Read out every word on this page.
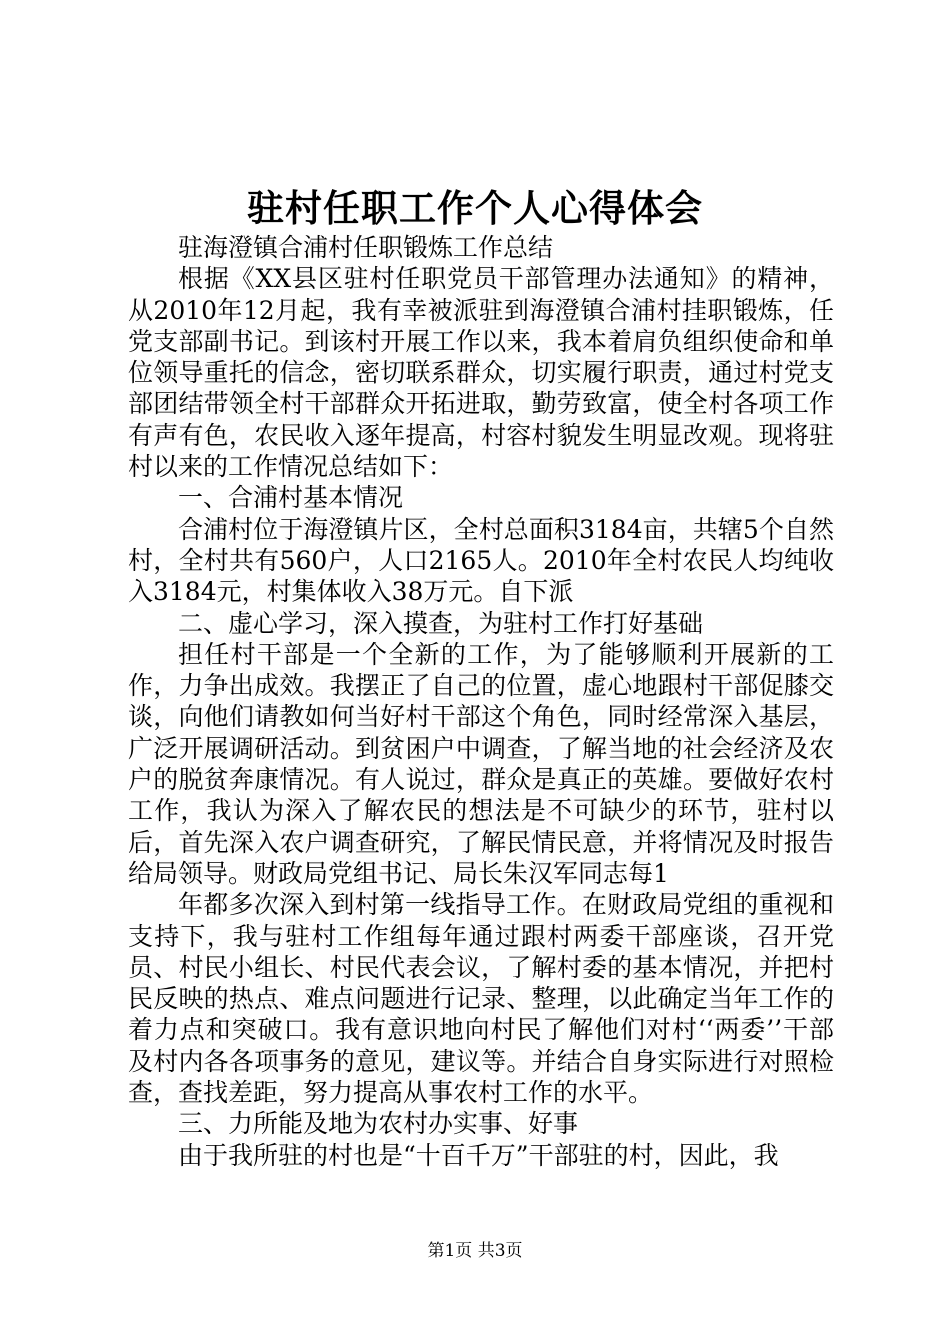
驻村任职工作个人心得体会

驻海澄镇合浦村任职锻炼工作总结

根据《XX县区驻村任职党员干部管理办法通知》的精神，从2010年12月起，我有幸被派驻到海澄镇合浦村挂职锻炼，任党支部副书记。到该村开展工作以来，我本着肩负组织使命和单位领导重托的信念，密切联系群众，切实履行职责，通过村党支部团结带领全村干部群众开拓进取，勤劳致富，使全村各项工作有声有色，农民收入逐年提高，村容村貌发生明显改观。现将驻村以来的工作情况总结如下：

一、合浦村基本情况

合浦村位于海澄镇片区，全村总面积3184亩，共辖5个自然村，全村共有560户，人口2165人。2010年全村农民人均纯收入3184元，村集体收入38万元。自下派

二、虚心学习，深入摸查，为驻村工作打好基础

担任村干部是一个全新的工作，为了能够顺利开展新的工作，力争出成效。我摆正了自己的位置，虚心地跟村干部促膝交谈，向他们请教如何当好村干部这个角色，同时经常深入基层，广泛开展调研活动。到贫困户中调查，了解当地的社会经济及农户的脱贫奔康情况。有人说过，群众是真正的英雄。要做好农村工作，我认为深入了解农民的想法是不可缺少的环节，驻村以后，首先深入农户调查研究，了解民情民意，并将情况及时报告给局领导。财政局党组书记、局长朱汉军同志每1

年都多次深入到村第一线指导工作。在财政局党组的重视和支持下，我与驻村工作组每年通过跟村两委干部座谈，召开党员、村民小组长、村民代表会议，了解村委的基本情况，并把村民反映的热点、难点问题进行记录、整理，以此确定当年工作的着力点和突破口。我有意识地向村民了解他们对村‘‘两委’’干部及村内各各项事务的意见，建议等。并结合自身实际进行对照检查，查找差距，努力提高从事农村工作的水平。

三、力所能及地为农村办实事、好事

由于我所驻的村也是“十百千万”干部驻的村，因此，我

第1页 共3页
